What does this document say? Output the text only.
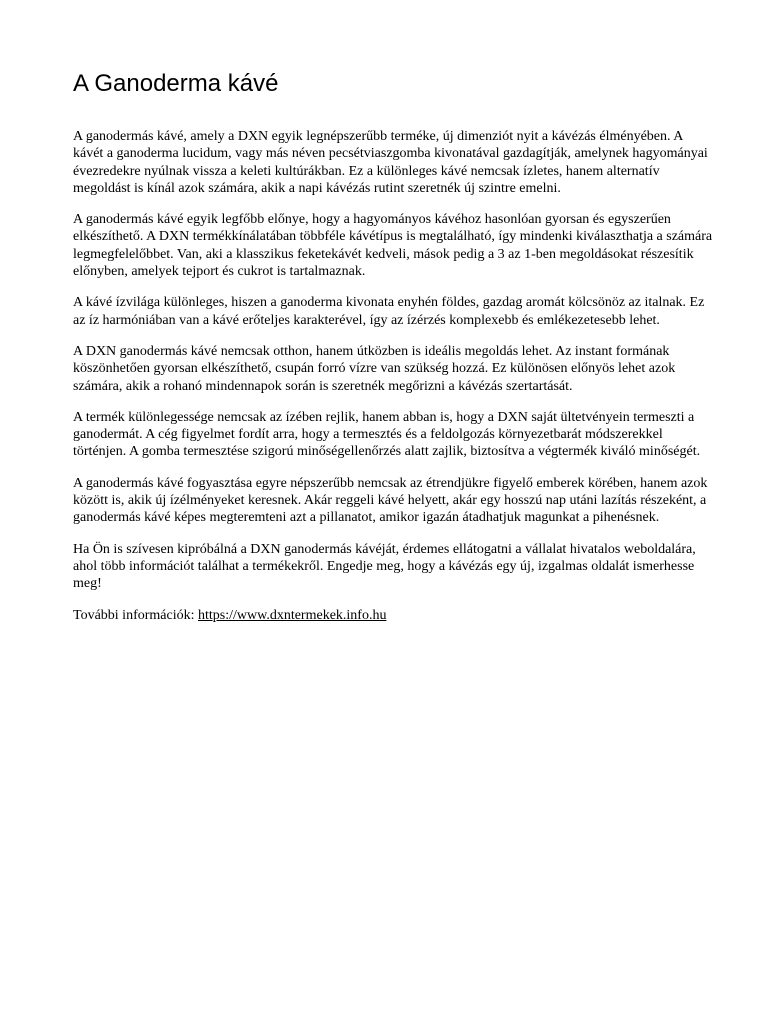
A Ganoderma kávé

A ganodermás kávé, amely a DXN egyik legnépszerűbb terméke, új dimenziót nyit a kávézás élményében. A kávét a ganoderma lucidum, vagy más néven pecsétviaszgomba kivonatával gazdagítják, amelynek hagyományai évezredekre nyúlnak vissza a keleti kultúrákban. Ez a különleges kávé nemcsak ízletes, hanem alternatív megoldást is kínál azok számára, akik a napi kávézás rutint szeretnék új szintre emelni.

A ganodermás kávé egyik legfőbb előnye, hogy a hagyományos kávéhoz hasonlóan gyorsan és egyszerűen elkészíthető. A DXN termékkínálatában többféle kávétípus is megtalálható, így mindenki kiválaszthatja a számára legmegfelelőbbet. Van, aki a klasszikus feketekávét kedveli, mások pedig a 3 az 1-ben megoldásokat részesítik előnyben, amelyek tejport és cukrot is tartalmaznak.

A kávé ízvilága különleges, hiszen a ganoderma kivonata enyhén földes, gazdag aromát kölcsönöz az italnak. Ez az íz harmóniában van a kávé erőteljes karakterével, így az ízérzés komplexebb és emlékezetesebb lehet.

A DXN ganodermás kávé nemcsak otthon, hanem útközben is ideális megoldás lehet. Az instant formának köszönhetően gyorsan elkészíthető, csupán forró vízre van szükség hozzá. Ez különösen előnyös lehet azok számára, akik a rohanó mindennapok során is szeretnék megőrizni a kávézás szertartását.

A termék különlegessége nemcsak az ízében rejlik, hanem abban is, hogy a DXN saját ültetvényein termeszti a ganodermát. A cég figyelmet fordít arra, hogy a termesztés és a feldolgozás környezetbarát módszerekkel történjen. A gomba termesztése szigorú minőségellenőrzés alatt zajlik, biztosítva a végtermék kiváló minőségét.

A ganodermás kávé fogyasztása egyre népszerűbb nemcsak az étrendjükre figyelő emberek körében, hanem azok között is, akik új ízélményeket keresnek. Akár reggeli kávé helyett, akár egy hosszú nap utáni lazítás részeként, a ganodermás kávé képes megteremteni azt a pillanatot, amikor igazán átadhatjuk magunkat a pihenésnek.

Ha Ön is szívesen kipróbálná a DXN ganodermás kávéját, érdemes ellátogatni a vállalat hivatalos weboldalára, ahol több információt találhat a termékekről. Engedje meg, hogy a kávézás egy új, izgalmas oldalát ismerhesse meg!

További információk: https://www.dxntermekek.info.hu
